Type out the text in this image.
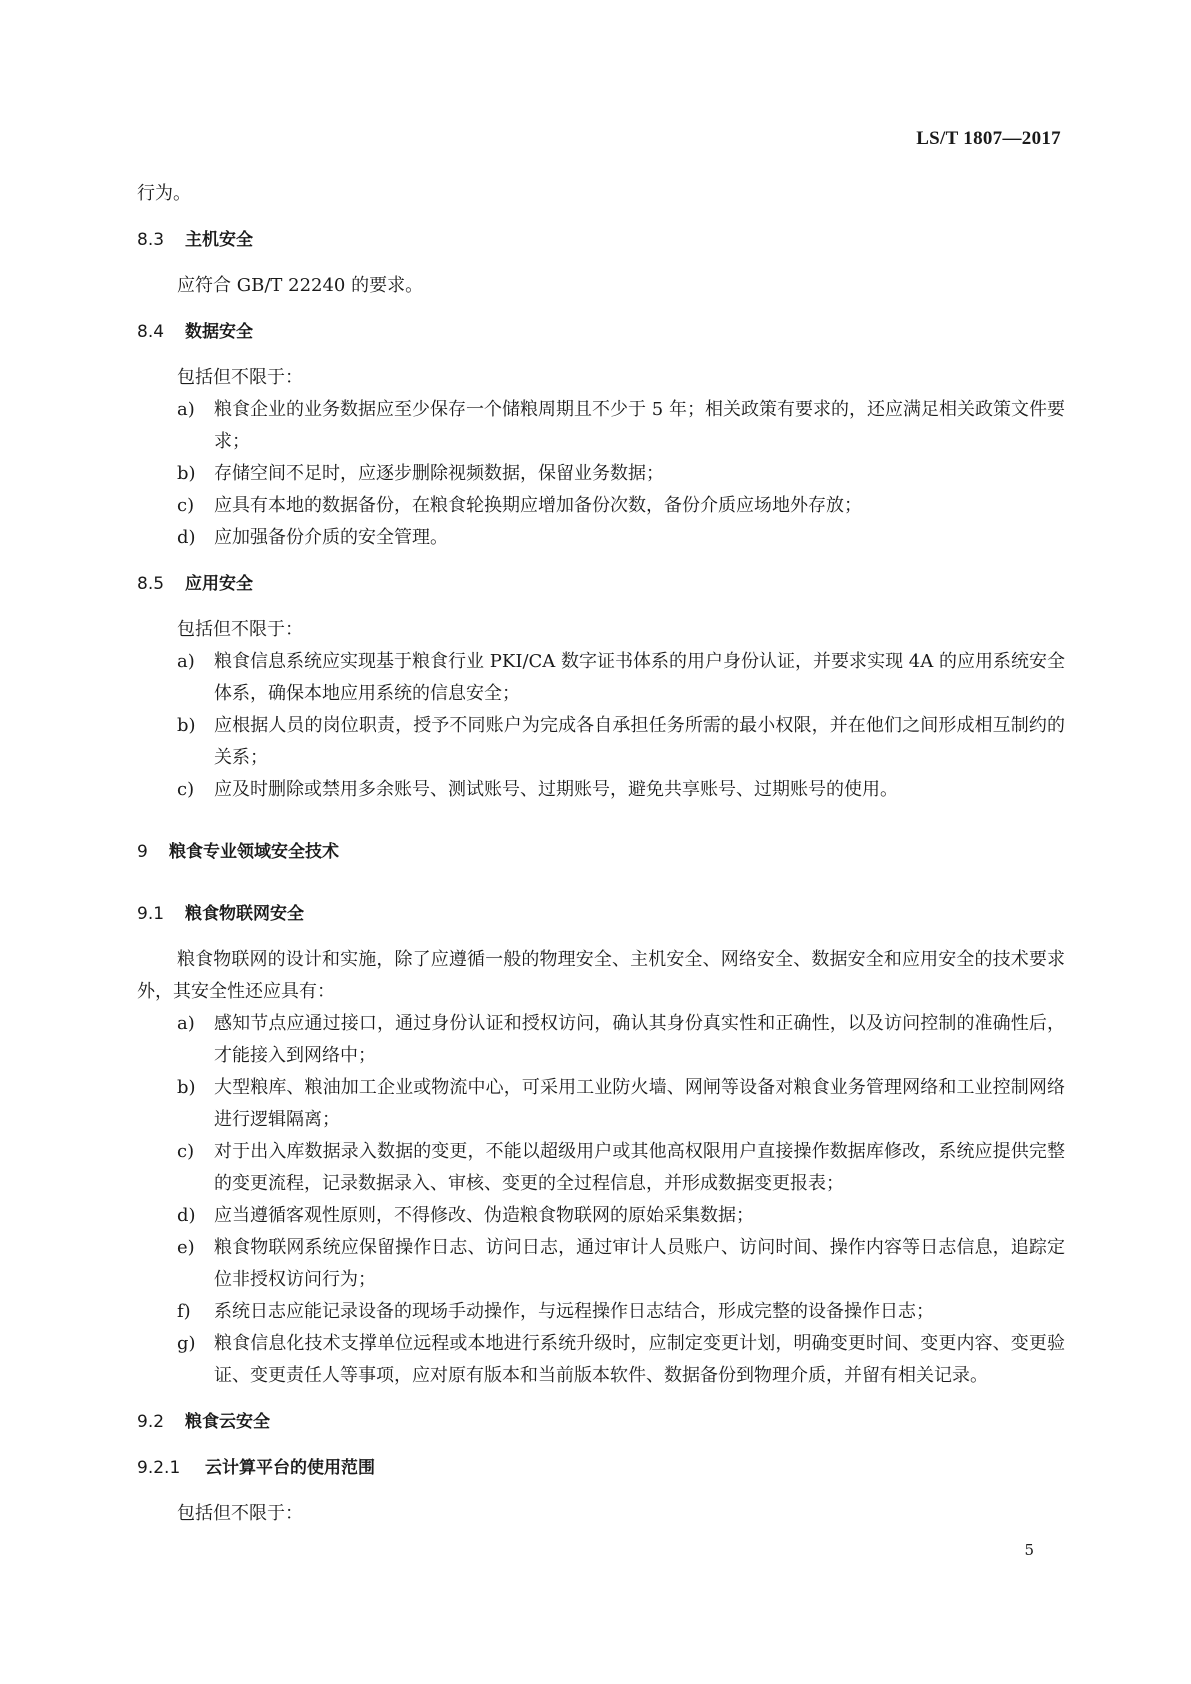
LS/T 1807—2017

行为。

8.3 主机安全

应符合 GB/T 22240 的要求。

8.4 数据安全

包括但不限于：

a) 粮食企业的业务数据应至少保存一个储粮周期且不少于 5 年；相关政策有要求的，还应满足相关政策文件要求；

b) 存储空间不足时，应逐步删除视频数据，保留业务数据；

c) 应具有本地的数据备份，在粮食轮换期应增加备份次数，备份介质应场地外存放；

d) 应加强备份介质的安全管理。

8.5 应用安全

包括但不限于：

a) 粮食信息系统应实现基于粮食行业 PKI/CA 数字证书体系的用户身份认证，并要求实现 4A 的应用系统安全体系，确保本地应用系统的信息安全；

b) 应根据人员的岗位职责，授予不同账户为完成各自承担任务所需的最小权限，并在他们之间形成相互制约的关系；

c) 应及时删除或禁用多余账号、测试账号、过期账号，避免共享账号、过期账号的使用。

9 粮食专业领域安全技术

9.1 粮食物联网安全

粮食物联网的设计和实施，除了应遵循一般的物理安全、主机安全、网络安全、数据安全和应用安全的技术要求外，其安全性还应具有：

a) 感知节点应通过接口，通过身份认证和授权访问，确认其身份真实性和正确性，以及访问控制的准确性后，才能接入到网络中；

b) 大型粮库、粮油加工企业或物流中心，可采用工业防火墙、网闸等设备对粮食业务管理网络和工业控制网络进行逻辑隔离；

c) 对于出入库数据录入数据的变更，不能以超级用户或其他高权限用户直接操作数据库修改，系统应提供完整的变更流程，记录数据录入、审核、变更的全过程信息，并形成数据变更报表；

d) 应当遵循客观性原则，不得修改、伪造粮食物联网的原始采集数据；

e) 粮食物联网系统应保留操作日志、访问日志，通过审计人员账户、访问时间、操作内容等日志信息，追踪定位非授权访问行为；

f) 系统日志应能记录设备的现场手动操作，与远程操作日志结合，形成完整的设备操作日志；

g) 粮食信息化技术支撑单位远程或本地进行系统升级时，应制定变更计划，明确变更时间、变更内容、变更验证、变更责任人等事项，应对原有版本和当前版本软件、数据备份到物理介质，并留有相关记录。

9.2 粮食云安全

9.2.1 云计算平台的使用范围

包括但不限于：

5
